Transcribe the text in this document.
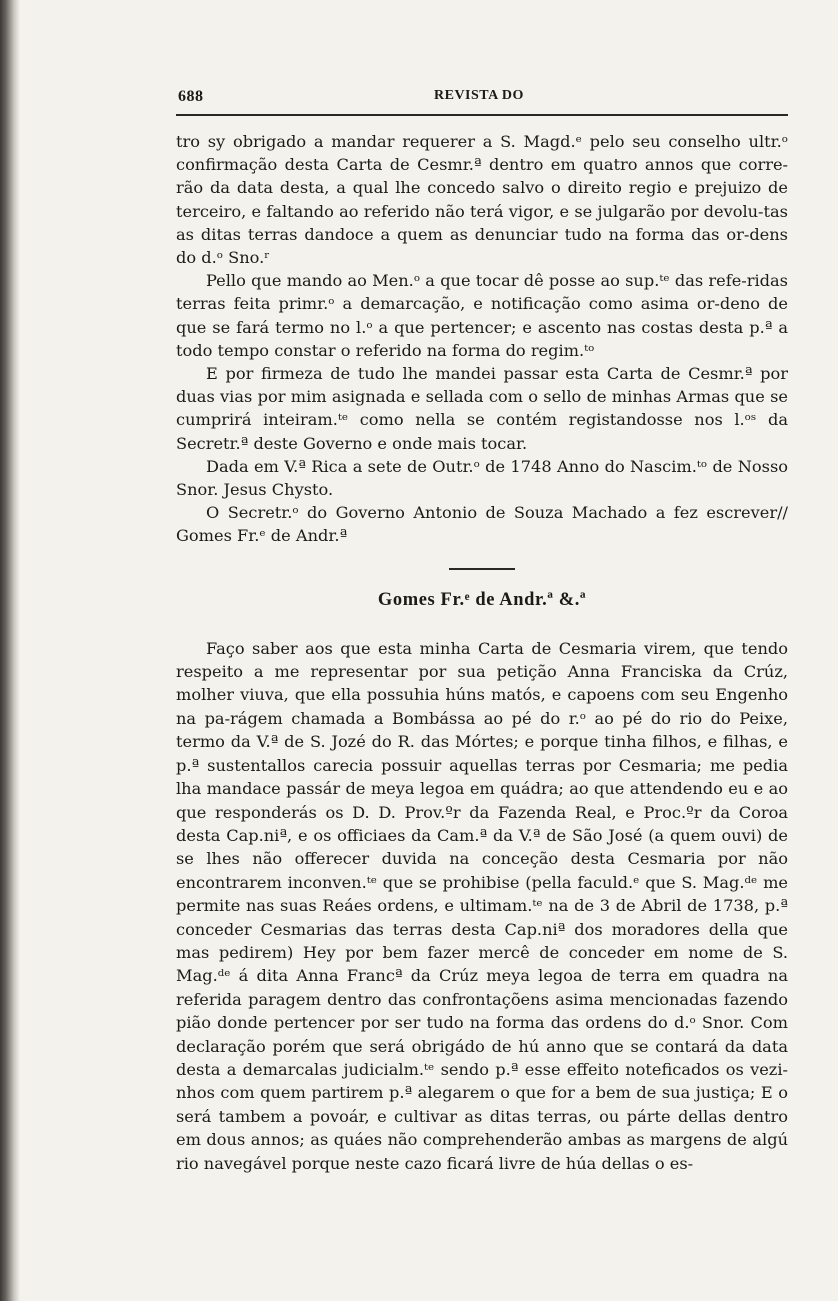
688	REVISTA DO

tro sy obrigado a mandar requerer a S. Magd.ᵉ pelo seu conselho ultr.ᵒ confirmação desta Carta de Cesmr.ª dentro em quatro annos que corre-rão da data desta, a qual lhe concedo salvo o direito regio e prejuizo de terceiro, e faltando ao referido não terá vigor, e se julgarão por devolu-tas as ditas terras dandoce a quem as denunciar tudo na forma das or-dens do d.ᵒ Sno.ʳ

Pello que mando ao Men.ᵒ a que tocar dê posse ao sup.ᵗᵉ das refe-ridas terras feita primr.ᵒ a demarcação, e notificação como asima or-deno de que se fará termo no l.ᵒ a que pertencer; e ascento nas costas desta p.ª a todo tempo constar o referido na forma do regim.ᵗᵒ

E por firmeza de tudo lhe mandei passar esta Carta de Cesmr.ª por duas vias por mim asignada e sellada com o sello de minhas Armas que se cumprirá inteiram.ᵗᵉ como nella se contém registandosse nos l.ᵒˢ da Secretr.ª deste Governo e onde mais tocar.

Dada em V.ª Rica a sete de Outr.ᵒ de 1748 Anno do Nascim.ᵗᵒ de Nosso Snor. Jesus Chysto.

O Secretr.ᵒ do Governo Antonio de Souza Machado a fez escrever// Gomes Fr.ᵉ de Andr.ª

Gomes Fr.ᵉ de Andr.ª &.ª

Faço saber aos que esta minha Carta de Cesmaria virem, que tendo respeito a me representar por sua petição Anna Franciska da Crúz, molher viuva, que ella possuhia húns matós, e capoens com seu Engenho na pa-rágem chamada a Bombássa ao pé do r.ᵒ ao pé do rio do Peixe, termo da V.ª de S. Jozé do R. das Mórtes; e porque tinha filhos, e filhas, e p.ª sustentallos carecia possuir aquellas terras por Cesmaria; me pedia lha mandace passár de meya legoa em quádra; ao que attendendo eu e ao que responderás os D. D. Prov.ºr da Fazenda Real, e Proc.ºr da Coroa desta Cap.niª, e os officiaes da Cam.ª da V.ª de São José (a quem ouvi) de se lhes não offerecer duvida na conceção desta Cesmaria por não encontrarem inconven.ᵗᵉ que se prohibise (pella faculd.ᵉ que S. Mag.ᵈᵉ me permite nas suas Reáes ordens, e ultimam.ᵗᵉ na de 3 de Abril de 1738, p.ª conceder Cesmarias das terras desta Cap.niª dos moradores della que mas pedirem) Hey por bem fazer mercê de conceder em nome de S. Mag.ᵈᵉ á dita Anna Francª da Crúz meya legoa de terra em quadra na referida paragem dentro das confrontaçõens asima mencionadas fazendo pião donde pertencer por ser tudo na forma das ordens do d.ᵒ Snor. Com declaração porém que será obrigádo de hú anno que se contará da data desta a demarcalas judicialm.ᵗᵉ sendo p.ª esse effeito noteficados os vezi-nhos com quem partirem p.ª alegarem o que for a bem de sua justiça; E o será tambem a povoár, e cultivar as ditas terras, ou párte dellas dentro em dous annos; as quáes não comprehenderão ambas as margens de algú rio navegável porque neste cazo ficará livre de húa dellas o es-
